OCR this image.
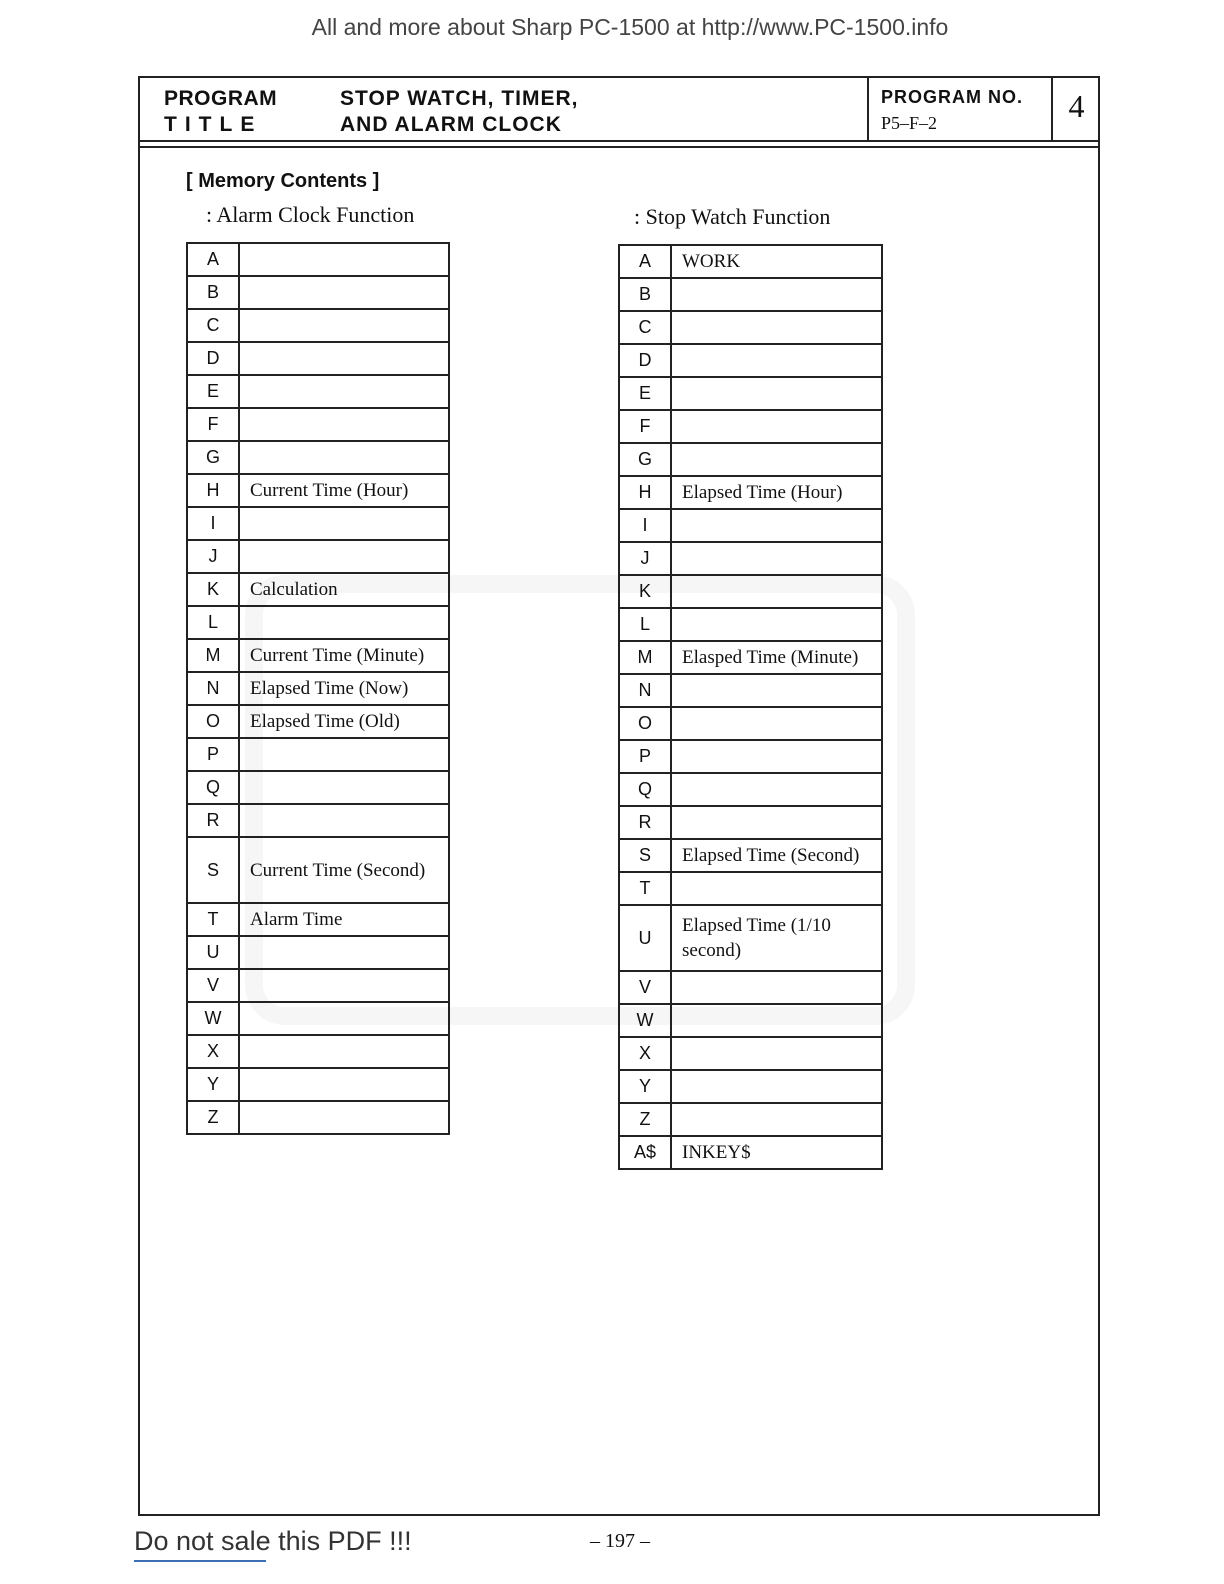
All and more about Sharp PC-1500 at http://www.PC-1500.info
PROGRAM
TITLE
STOP WATCH, TIMER,
AND ALARM CLOCK
PROGRAM NO.
P5–F–2	4
[ Memory Contents ]
: Alarm Clock Function	: Stop Watch Function
A	
B	
C	
D	
E	
F	
G	
H	Current Time (Hour)
I	
J	
K	Calculation
L	
M	Current Time (Minute)
N	Elapsed Time (Now)
O	Elapsed Time (Old)
P	
Q	
R	
S	Current Time (Second)
T	Alarm Time
U	
V	
W	
X	
Y	
Z	
A	WORK
B	
C	
D	
E	
F	
G	
H	Elapsed Time (Hour)
I	
J	
K	
L	
M	Elasped Time (Minute)
N	
O	
P	
Q	
R	
S	Elapsed Time (Second)
T	
U	Elapsed Time (1/10 second)
V	
W	
X	
Y	
Z	
A$	INKEY$
Do not sale this PDF !!!	– 197 –
